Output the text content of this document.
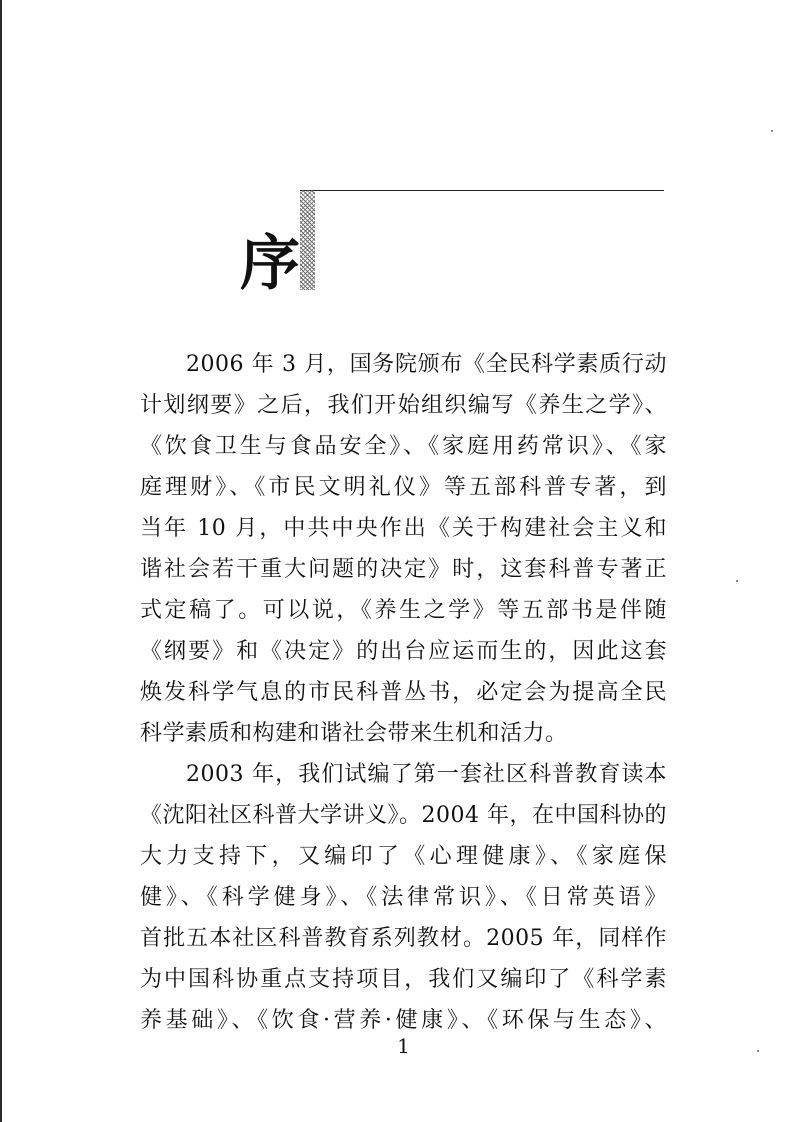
序
2006 年 3 月，国务院颁布《全民科学素质行动
计划纲要》之后，我们开始组织编写《养生之学》、
《饮食卫生与食品安全》、《家庭用药常识》、《家
庭理财》、《市民文明礼仪》等五部科普专著，到
当年 10 月，中共中央作出《关于构建社会主义和
谐社会若干重大问题的决定》时，这套科普专著正
式定稿了。可以说，《养生之学》等五部书是伴随
《纲要》和《决定》的出台应运而生的，因此这套
焕发科学气息的市民科普丛书，必定会为提高全民
科学素质和构建和谐社会带来生机和活力。
2003 年，我们试编了第一套社区科普教育读本
《沈阳社区科普大学讲义》。2004 年，在中国科协的
大力支持下，又编印了《心理健康》、《家庭保
健》、《科学健身》、《法律常识》、《日常英语》
首批五本社区科普教育系列教材。2005 年，同样作
为中国科协重点支持项目，我们又编印了《科学素
养基础》、《饮食·营养·健康》、《环保与生态》、
1
